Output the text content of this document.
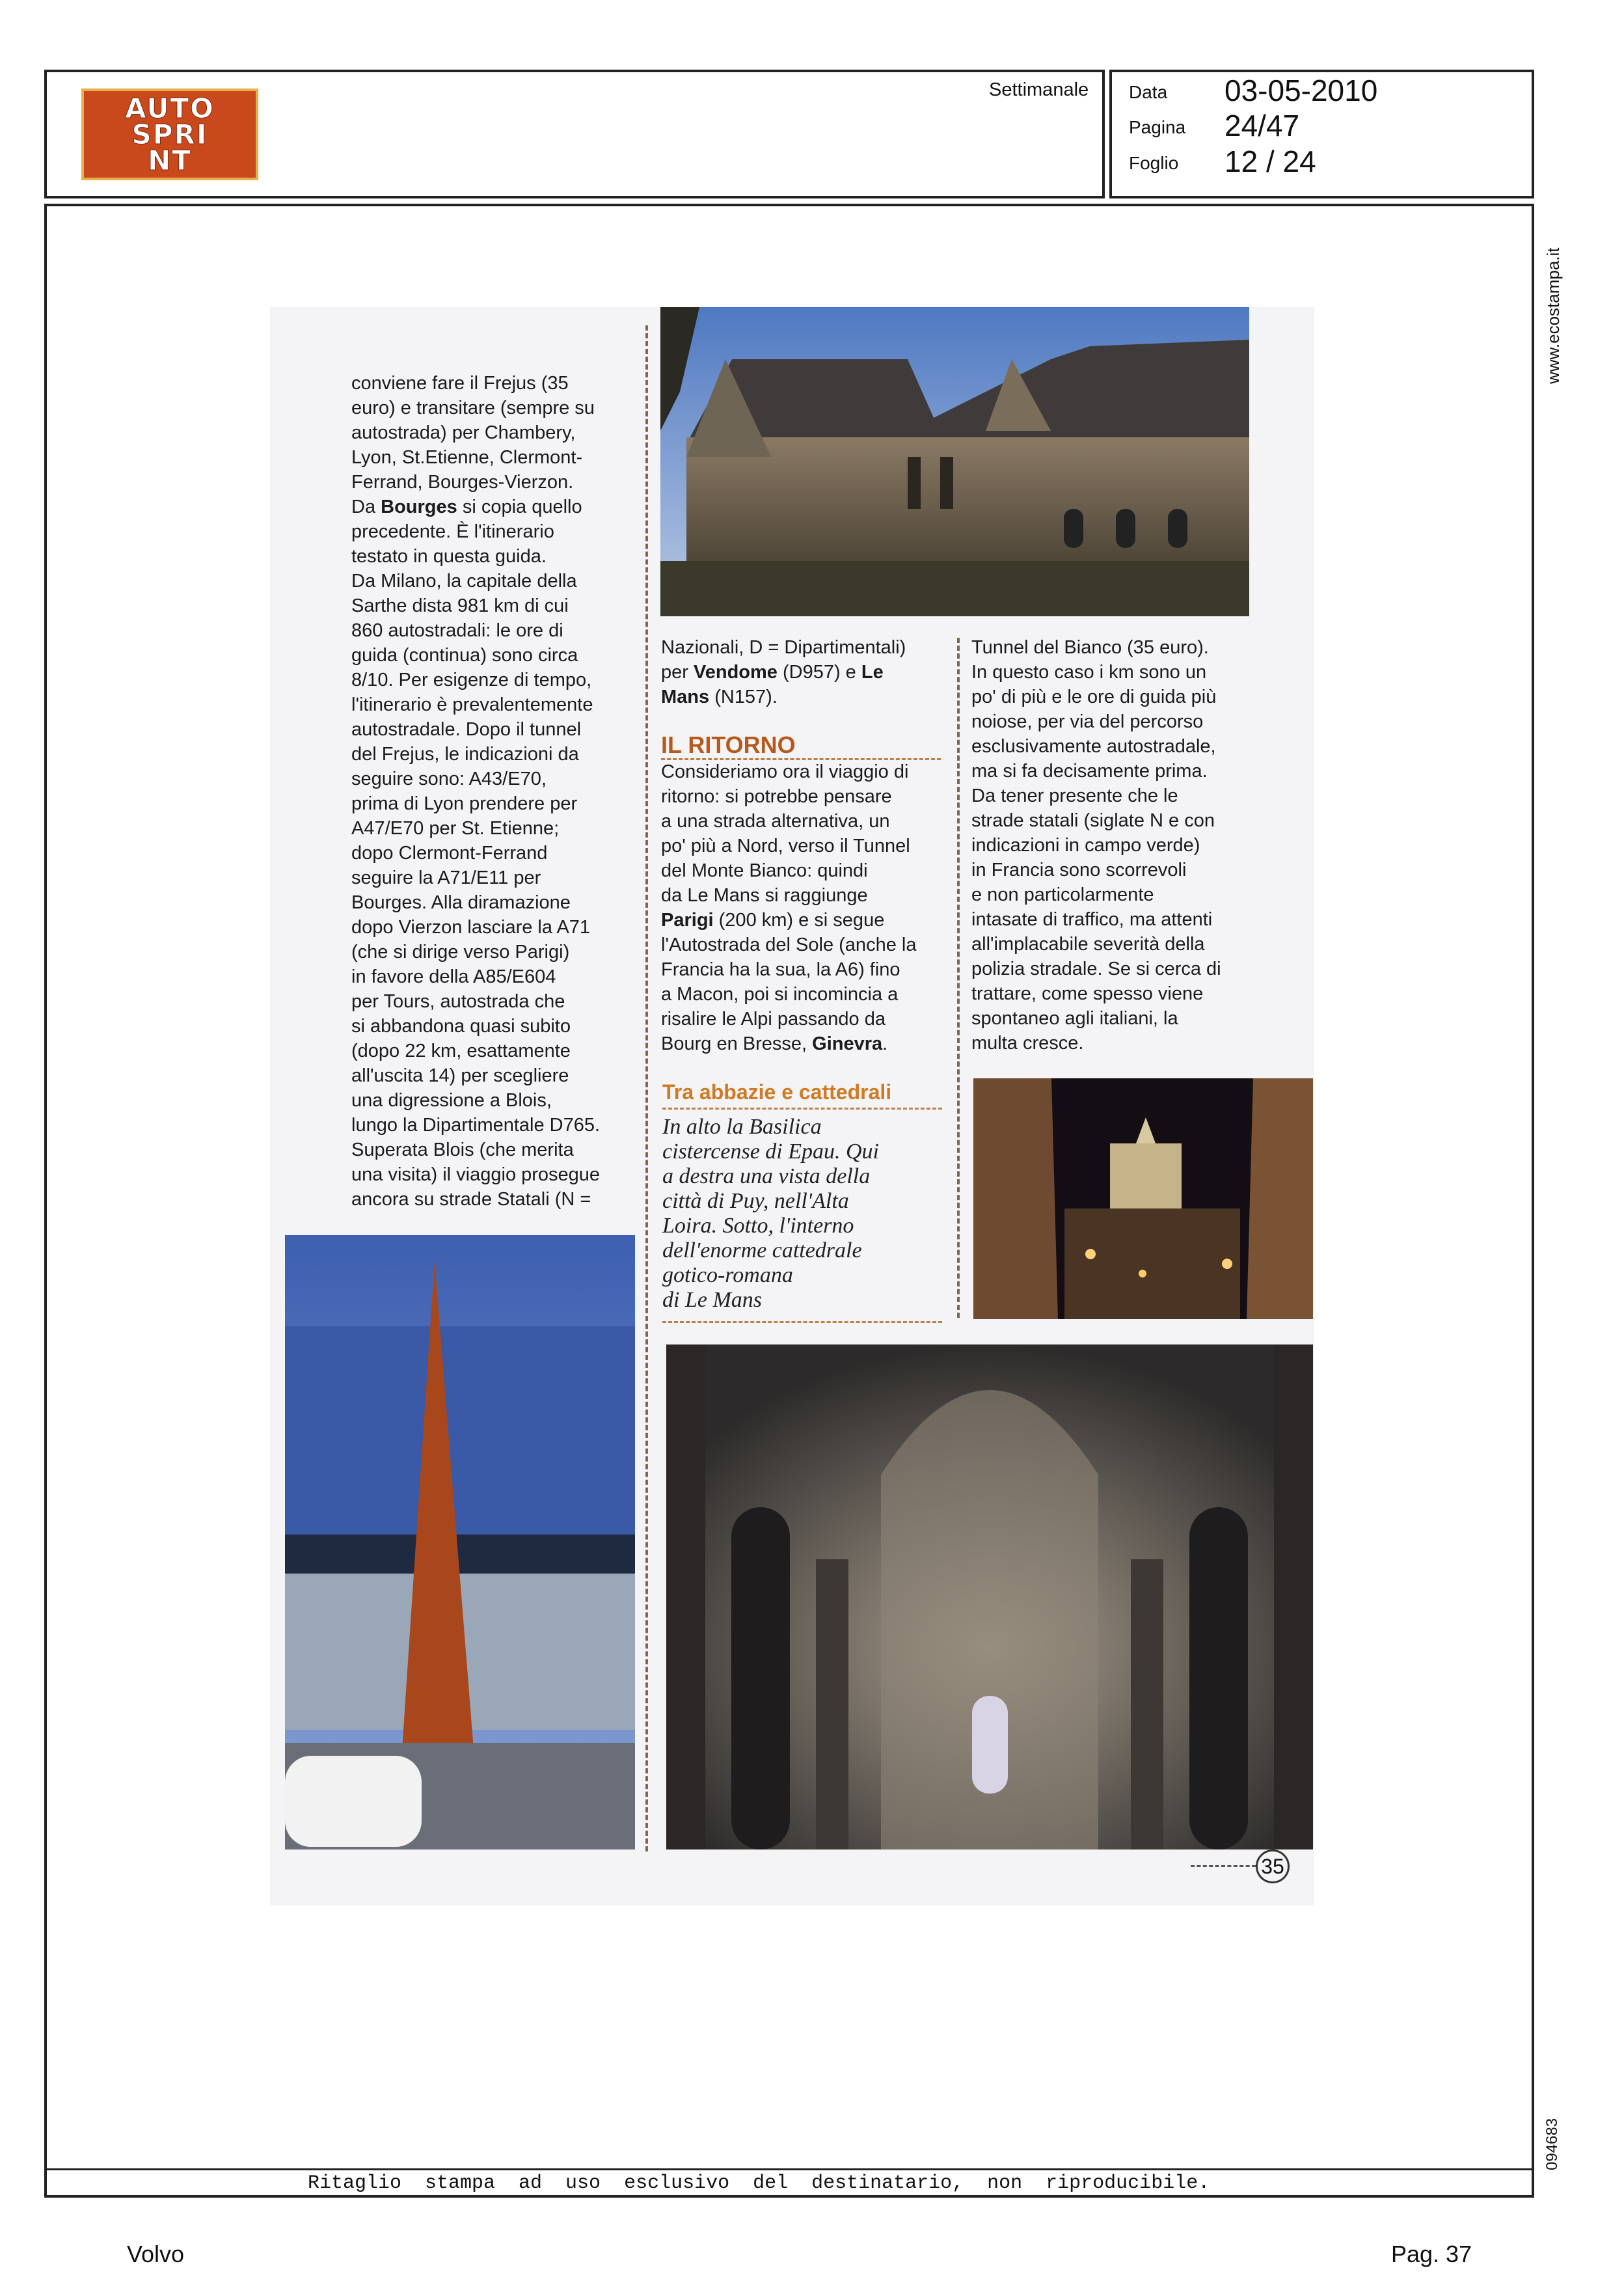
AUTO
SPRI
NT
Settimanale Data 03-05-2010
Pagina 24/47
Foglio 12 / 24
Ritaglio stampa ad uso esclusivo del destinatario, non riproducibile.
www.ecostampa.it
094683
Volvo	Pag. 37
conviene fare il Frejus (35
euro) e transitare (sempre su
autostrada) per Chambery,
Lyon, St.Etienne, Clermont-
Ferrand, Bourges-Vierzon.
Da Bourges si copia quello
precedente. È l'itinerario
testato in questa guida.
Da Milano, la capitale della
Sarthe dista 981 km di cui
860 autostradali: le ore di
guida (continua) sono circa
8/10. Per esigenze di tempo,
l'itinerario è prevalentemente
autostradale. Dopo il tunnel
del Frejus, le indicazioni da
seguire sono: A43/E70,
prima di Lyon prendere per
A47/E70 per St. Etienne;
dopo Clermont-Ferrand
seguire la A71/E11 per
Bourges. Alla diramazione
dopo Vierzon lasciare la A71
(che si dirige verso Parigi)
in favore della A85/E604
per Tours, autostrada che
si abbandona quasi subito
(dopo 22 km, esattamente
all'uscita 14) per scegliere
una digressione a Blois,
lungo la Dipartimentale D765.
Superata Blois (che merita
una visita) il viaggio prosegue
ancora su strade Statali (N =
Nazionali, D = Dipartimentali)
per Vendome (D957) e Le
Mans (N157).
IL RITORNO
Consideriamo ora il viaggio di
ritorno: si potrebbe pensare
a una strada alternativa, un
po' più a Nord, verso il Tunnel
del Monte Bianco: quindi
da Le Mans si raggiunge
Parigi (200 km) e si segue
l'Autostrada del Sole (anche la
Francia ha la sua, la A6) fino
a Macon, poi si incomincia a
risalire le Alpi passando da
Bourg en Bresse, Ginevra.
Tra abbazie e cattedrali
In alto la Basilica
cistercense di Epau. Qui
a destra una vista della
città di Puy, nell'Alta
Loira. Sotto, l'interno
dell'enorme cattedrale
gotico-romana
di Le Mans
Tunnel del Bianco (35 euro).
In questo caso i km sono un
po' di più e le ore di guida più
noiose, per via del percorso
esclusivamente autostradale,
ma si fa decisamente prima.
Da tener presente che le
strade statali (siglate N e con
indicazioni in campo verde)
in Francia sono scorrevoli
e non particolarmente
intasate di traffico, ma attenti
all'implacabile severità della
polizia stradale. Se si cerca di
trattare, come spesso viene
spontaneo agli italiani, la
multa cresce.
35
